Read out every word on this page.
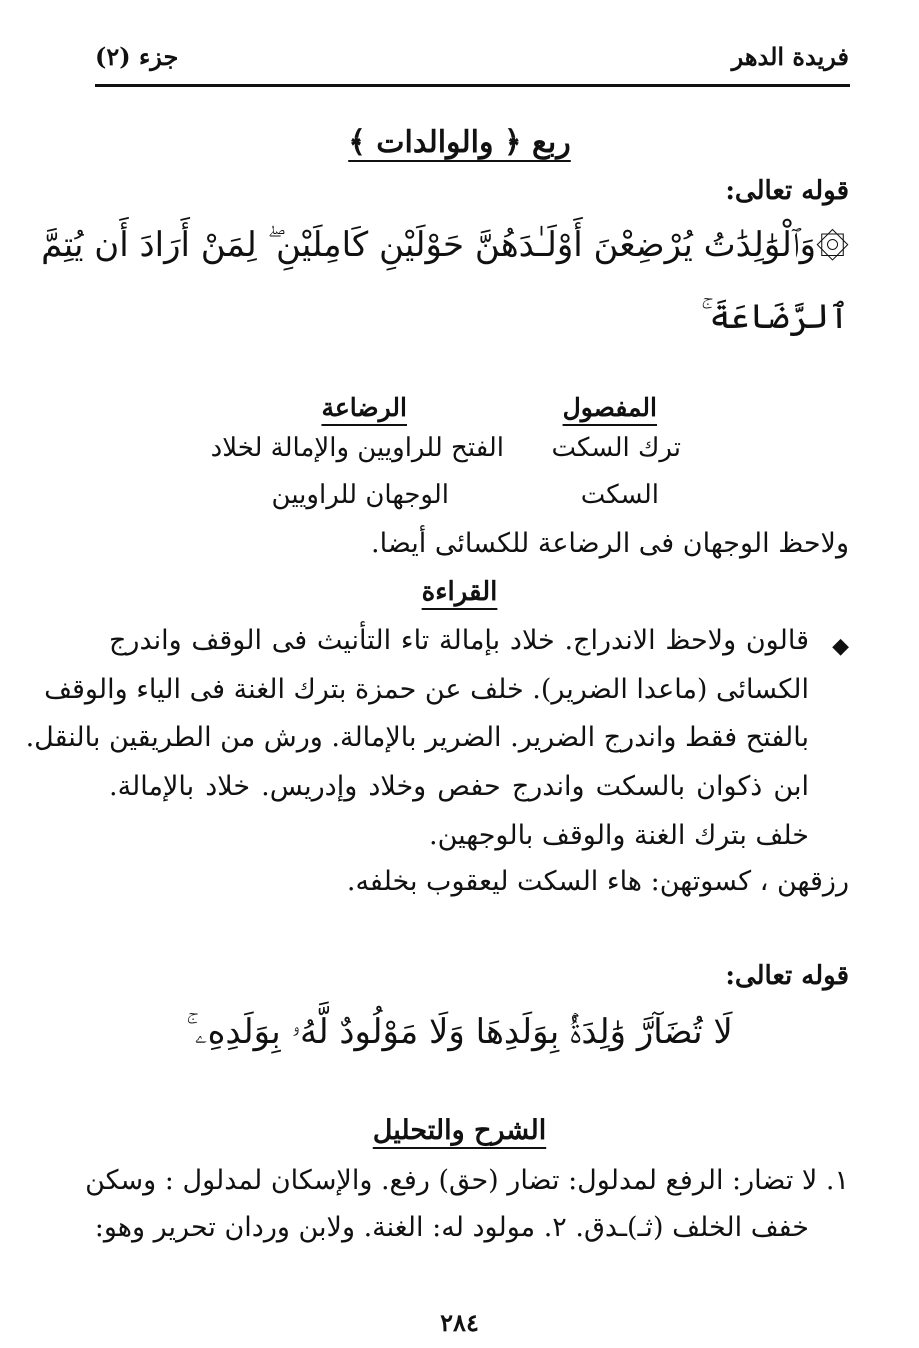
فريدة الدهر
جزء (٢)
ربع ﴿ والوالدات ﴾
قوله تعالى:
۞وَٱلْوَٰلِدَٰتُ يُرْضِعْنَ أَوْلَـٰدَهُنَّ حَوْلَيْنِ كَامِلَيْنِ ۖ لِمَنْ أَرَادَ أَن يُتِمَّ
ٱلرَّضَاعَةَ ۚ
المفصول
الرضاعة
ترك السكت
الفتح للراويين والإمالة لخلاد
السكت
الوجهان للراويين
ولاحظ الوجهان فى الرضاعة للكسائى أيضا.
القراءة
◆
قالون ولاحظ الاندراج. خلاد بإمالة تاء التأنيث فى الوقف واندرج
الكسائى (ماعدا الضرير). خلف عن حمزة بترك الغنة فى الياء والوقف
بالفتح فقط واندرج الضرير. الضرير بالإمالة. ورش من الطريقين بالنقل.
ابن ذكوان بالسكت واندرج حفص وخلاد وإدريس. خلاد بالإمالة.
خلف بترك الغنة والوقف بالوجهين.
رزقهن ، كسوتهن: هاء السكت ليعقوب بخلفه.
قوله تعالى:
لَا تُضَآرَّ وَٰلِدَةُۢ بِوَلَدِهَا وَلَا مَوْلُودٌ لَّهُۥ بِوَلَدِهِۦ ۚ
الشرح والتحليل
١. لا تضار: الرفع لمدلول: تضار (حق) رفع. والإسكان لمدلول : وسكن
خفف الخلف (ثـ)ـدق. ٢. مولود له: الغنة. ولابن وردان تحرير وهو:
٢٨٤
